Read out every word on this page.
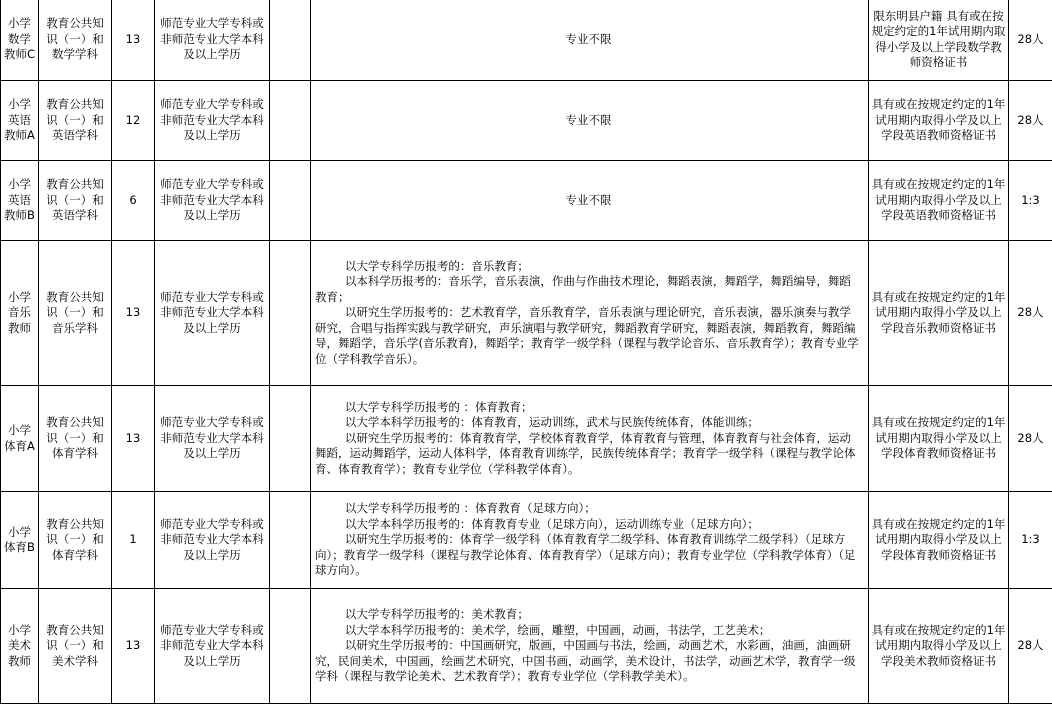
小学数学教师C	教育公共知识（一）和数学学科	13	师范专业大学专科或非师范专业大学本科及以上学历		专业不限	限东明县户籍 具有或在按规定约定的1年试用期内取得小学及以上学段数学教师资格证书	28人
小学英语教师A	教育公共知识（一）和英语学科	12	师范专业大学专科或非师范专业大学本科及以上学历		专业不限	具有或在按规定约定的1年试用期内取得小学及以上学段英语教师资格证书	28人
小学英语教师B	教育公共知识（一）和英语学科	6	师范专业大学专科或非师范专业大学本科及以上学历		专业不限	具有或在按规定约定的1年试用期内取得小学及以上学段英语教师资格证书	1:3
小学音乐教师	教育公共知识（一）和音乐学科	13	师范专业大学专科或非师范专业大学本科及以上学历		以大学专科学历报考的：音乐教育；
以本科学历报考的：音乐学，音乐表演，作曲与作曲技术理论，舞蹈表演，舞蹈学，舞蹈编导，舞蹈教育；
以研究生学历报考的：艺术教育学，音乐教育学，音乐表演与理论研究，音乐表演，器乐演奏与教学研究，合唱与指挥实践与教学研究，声乐演唱与教学研究，舞蹈教育学研究，舞蹈表演，舞蹈教育，舞蹈编导，舞蹈学，音乐学(音乐教育)，舞蹈学；教育学一级学科（课程与教学论音乐、音乐教育学）；教育专业学位（学科教学音乐）。	具有或在按规定约定的1年试用期内取得小学及以上学段音乐教师资格证书	28人
小学体育A	教育公共知识（一）和体育学科	13	师范专业大学专科或非师范专业大学本科及以上学历		以大学专科学历报考的 ：体育教育；
以大学本科学历报考的：体育教育，运动训练，武术与民族传统体育，体能训练；
以研究生学历报考的：体育教育学，学校体育教育学，体育教育与管理，体育教育与社会体育，运动舞蹈，运动舞蹈学，运动人体科学，体育教育训练学，民族传统体育学；教育学一级学科（课程与教学论体育、体育教育学）；教育专业学位（学科教学体育）。	具有或在按规定约定的1年试用期内取得小学及以上学段体育教师资格证书	28人
小学体育B	教育公共知识（一）和体育学科	1	师范专业大学专科或非师范专业大学本科及以上学历		以大学专科学历报考的 ：体育教育（足球方向）；
以大学本科学历报考的：体育教育专业（足球方向），运动训练专业（足球方向）；
以研究生学历报考的：体育学一级学科（体育教育学二级学科、体育教育训练学二级学科）（足球方向）；教育学一级学科（课程与教学论体育、体育教育学）（足球方向）；教育专业学位（学科教学体育）（足球方向）。	具有或在按规定约定的1年试用期内取得小学及以上学段体育教师资格证书	1:3
小学美术教师	教育公共知识（一）和美术学科	13	师范专业大学专科或非师范专业大学本科及以上学历		以大学专科学历报考的：美术教育；
以大学本科学历报考的：美术学，绘画，雕塑，中国画，动画，书法学，工艺美术；
以研究生学历报考的：中国画研究，版画，中国画与书法，绘画，动画艺术，水彩画，油画，油画研究，民间美术，中国画，绘画艺术研究，中国书画，动画学，美术设计，书法学，动画艺术学，教育学一级学科（课程与教学论美术、艺术教育学）；教育专业学位（学科教学美术）。	具有或在按规定约定的1年试用期内取得小学及以上学段美术教师资格证书	28人
